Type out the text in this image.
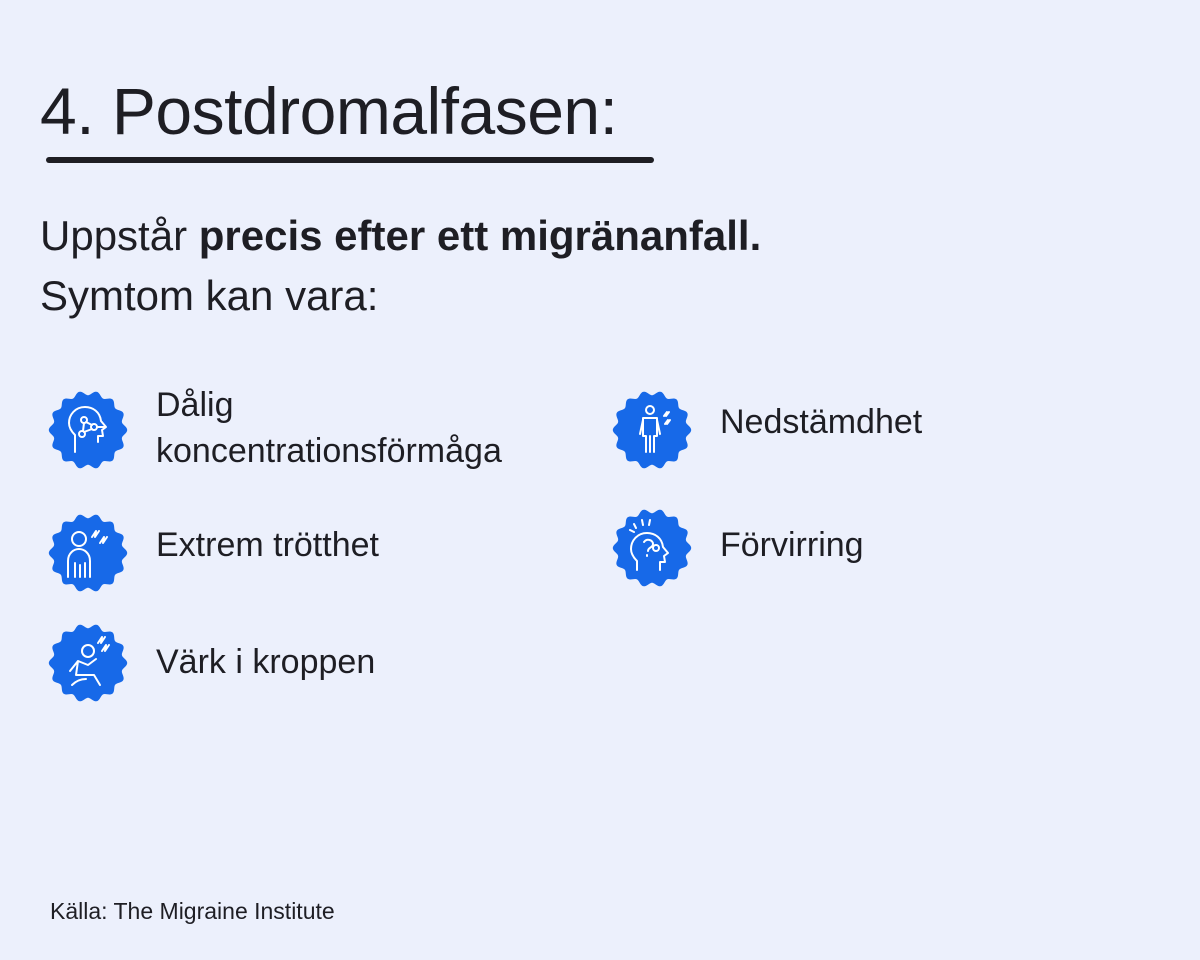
4. Postdromalfasen:
Uppstår precis efter ett migränanfall.
Symtom kan vara:
Dålig
koncentrationsförmåga
Nedstämdhet
Extrem trötthet	Förvirring
Värk i kroppen
Källa: The Migraine Institute
